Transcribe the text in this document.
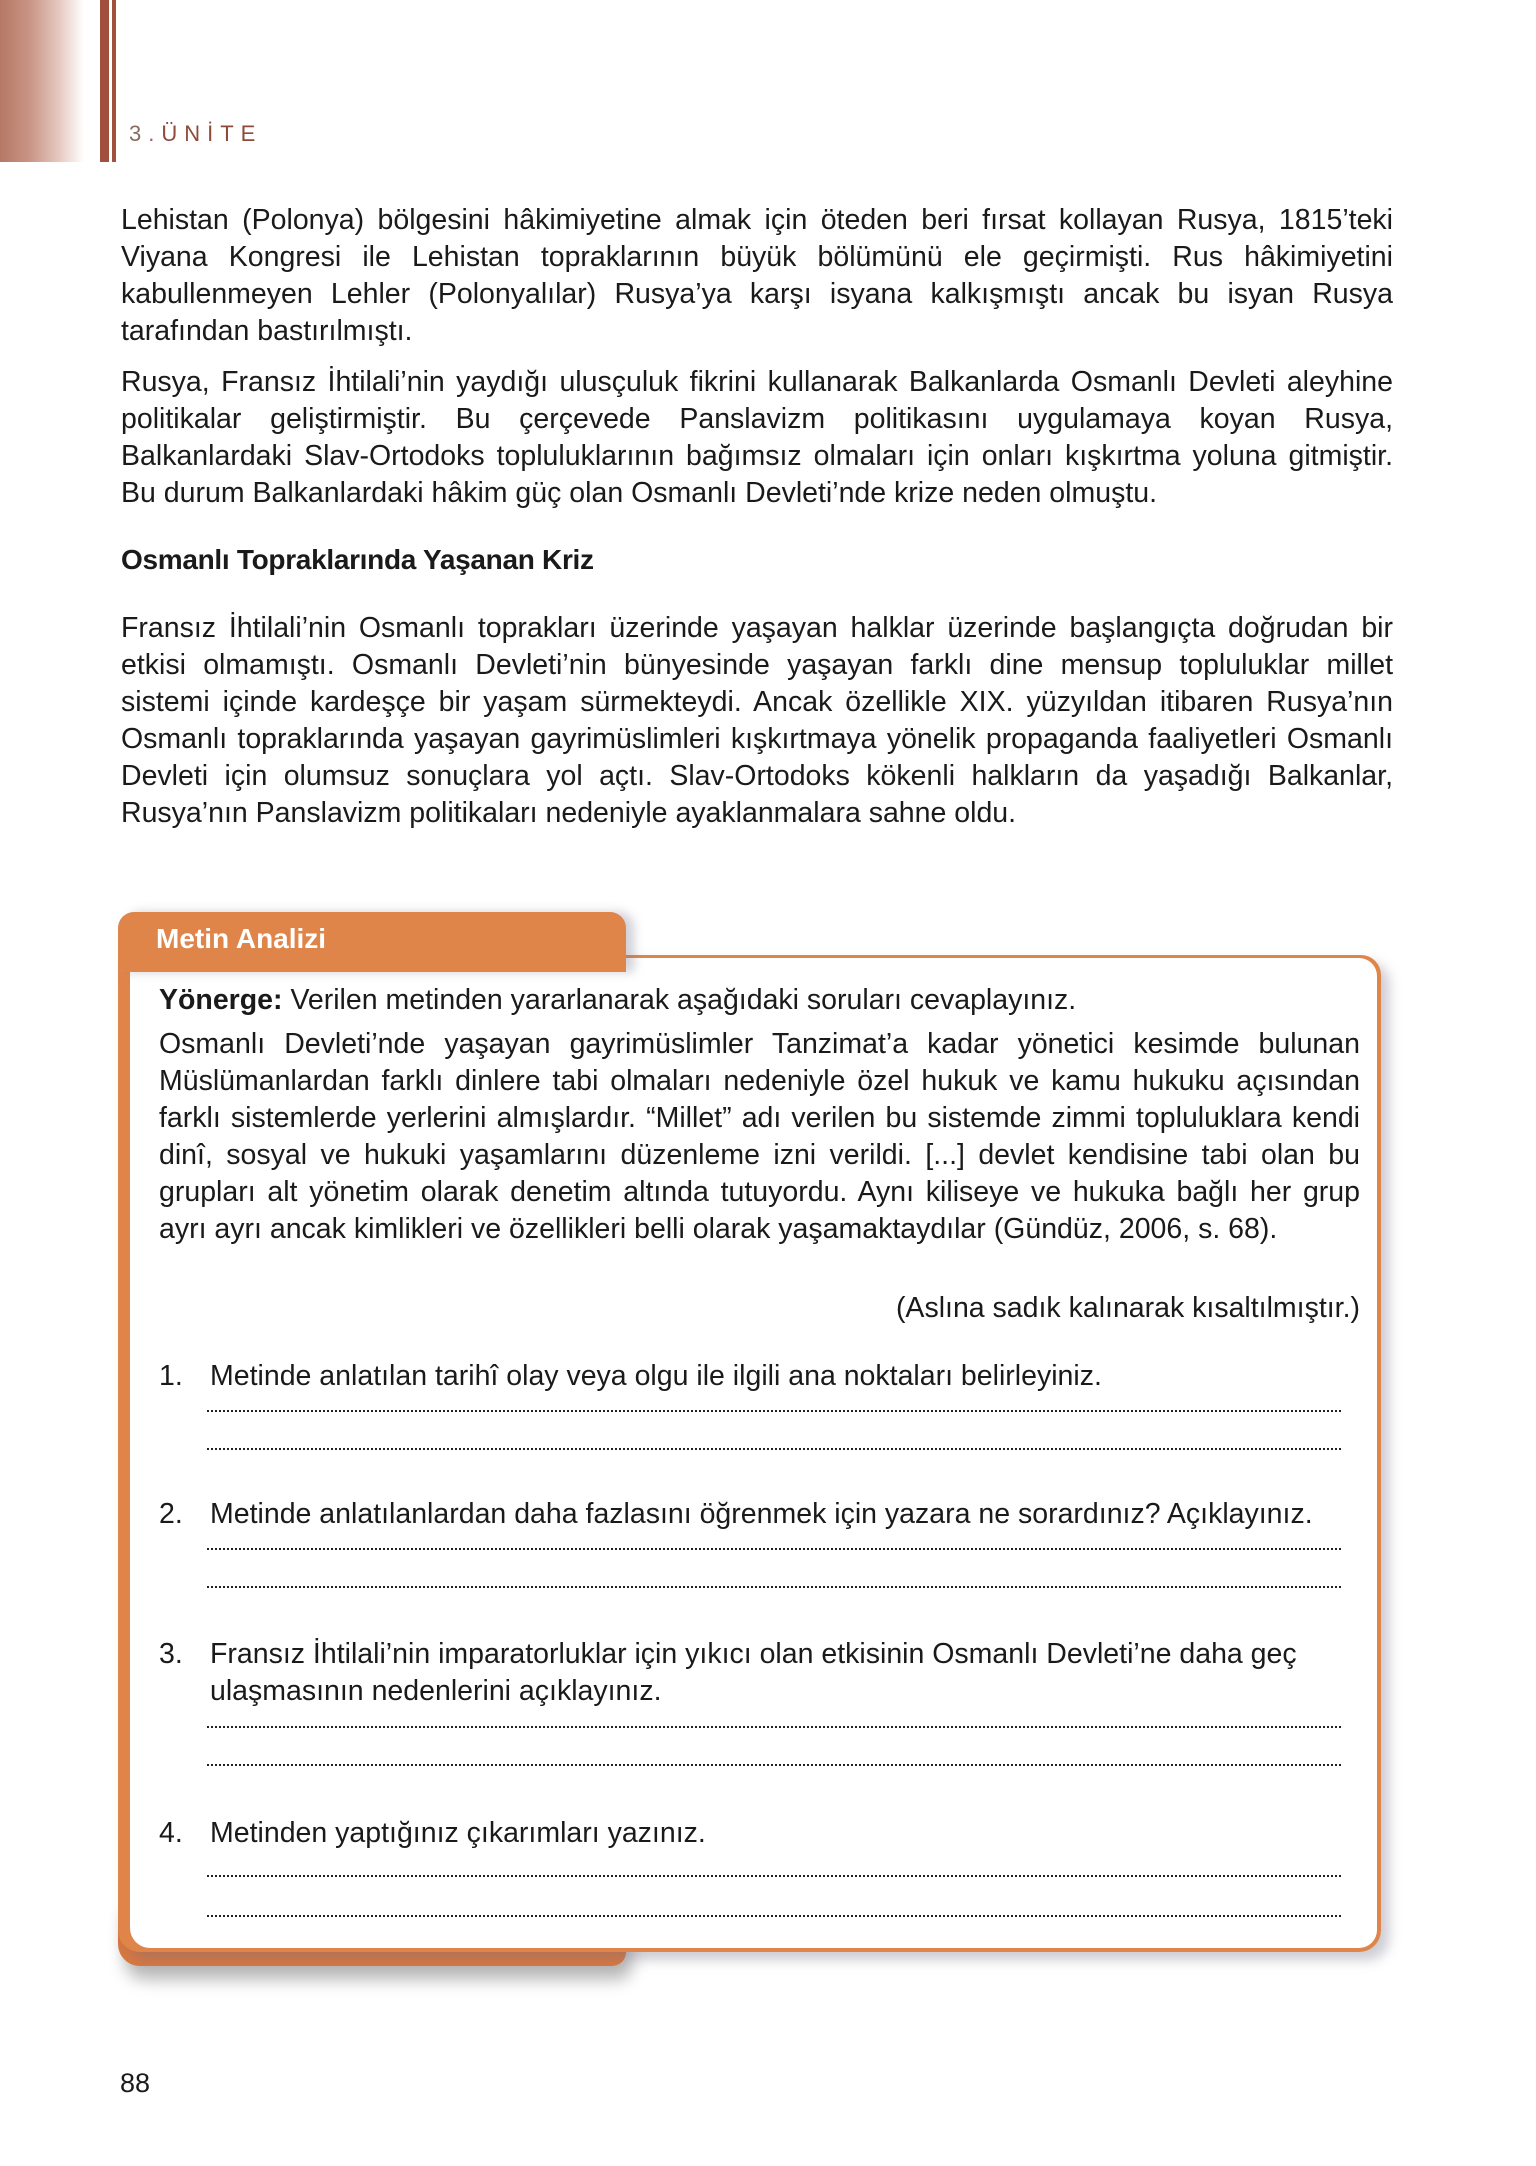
3.ÜNİTE

Lehistan (Polonya) bölgesini hâkimiyetine almak için öteden beri fırsat kollayan Rusya, 1815’teki Viyana Kongresi ile Lehistan topraklarının büyük bölümünü ele geçirmişti. Rus hâkimiyetini kabullenmeyen Lehler (Polonyalılar) Rusya’ya karşı isyana kalkışmıştı ancak bu isyan Rusya tarafından bastırılmıştı.

Rusya, Fransız İhtilali’nin yaydığı ulusçuluk fikrini kullanarak Balkanlarda Osmanlı Devleti aleyhine politikalar geliştirmiştir. Bu çerçevede Panslavizm politikasını uygulamaya koyan Rusya, Balkanlardaki Slav-Ortodoks topluluklarının bağımsız olmaları için onları kışkırtma yoluna gitmiştir. Bu durum Balkanlardaki hâkim güç olan Osmanlı Devleti’nde krize neden olmuştu.

Osmanlı Topraklarında Yaşanan Kriz

Fransız İhtilali’nin Osmanlı toprakları üzerinde yaşayan halklar üzerinde başlangıçta doğrudan bir etkisi olmamıştı. Osmanlı Devleti’nin bünyesinde yaşayan farklı dine mensup topluluklar millet sistemi içinde kardeşçe bir yaşam sürmekteydi. Ancak özellikle XIX. yüzyıldan itibaren Rusya’nın Osmanlı topraklarında yaşayan gayrimüslimleri kışkırtmaya yönelik propaganda faaliyetleri Osmanlı Devleti için olumsuz sonuçlara yol açtı. Slav-Ortodoks kökenli halkların da yaşadığı Balkanlar, Rusya’nın Panslavizm politikaları nedeniyle ayaklanmalara sahne oldu.

Metin Analizi

Yönerge: Verilen metinden yararlanarak aşağıdaki soruları cevaplayınız.

Osmanlı Devleti’nde yaşayan gayrimüslimler Tanzimat’a kadar yönetici kesimde bulunan Müslümanlardan farklı dinlere tabi olmaları nedeniyle özel hukuk ve kamu hukuku açısından farklı sistemlerde yerlerini almışlardır. “Millet” adı verilen bu sistemde zimmi topluluklara kendi dinî, sosyal ve hukuki yaşamlarını düzenleme izni verildi. [...] devlet kendisine tabi olan bu grupları alt yönetim olarak denetim altında tutuyordu. Aynı kiliseye ve hukuka bağlı her grup ayrı ayrı ancak kimlikleri ve özellikleri belli olarak yaşamaktaydılar (Gündüz, 2006, s. 68).

(Aslına sadık kalınarak kısaltılmıştır.)
1. Metinde anlatılan tarihî olay veya olgu ile ilgili ana noktaları belirleyiniz.
2. Metinde anlatılanlardan daha fazlasını öğrenmek için yazara ne sorardınız? Açıklayınız.
3. Fransız İhtilali’nin imparatorluklar için yıkıcı olan etkisinin Osmanlı Devleti’ne daha geç ulaşmasının nedenlerini açıklayınız.
4. Metinden yaptığınız çıkarımları yazınız.
88
